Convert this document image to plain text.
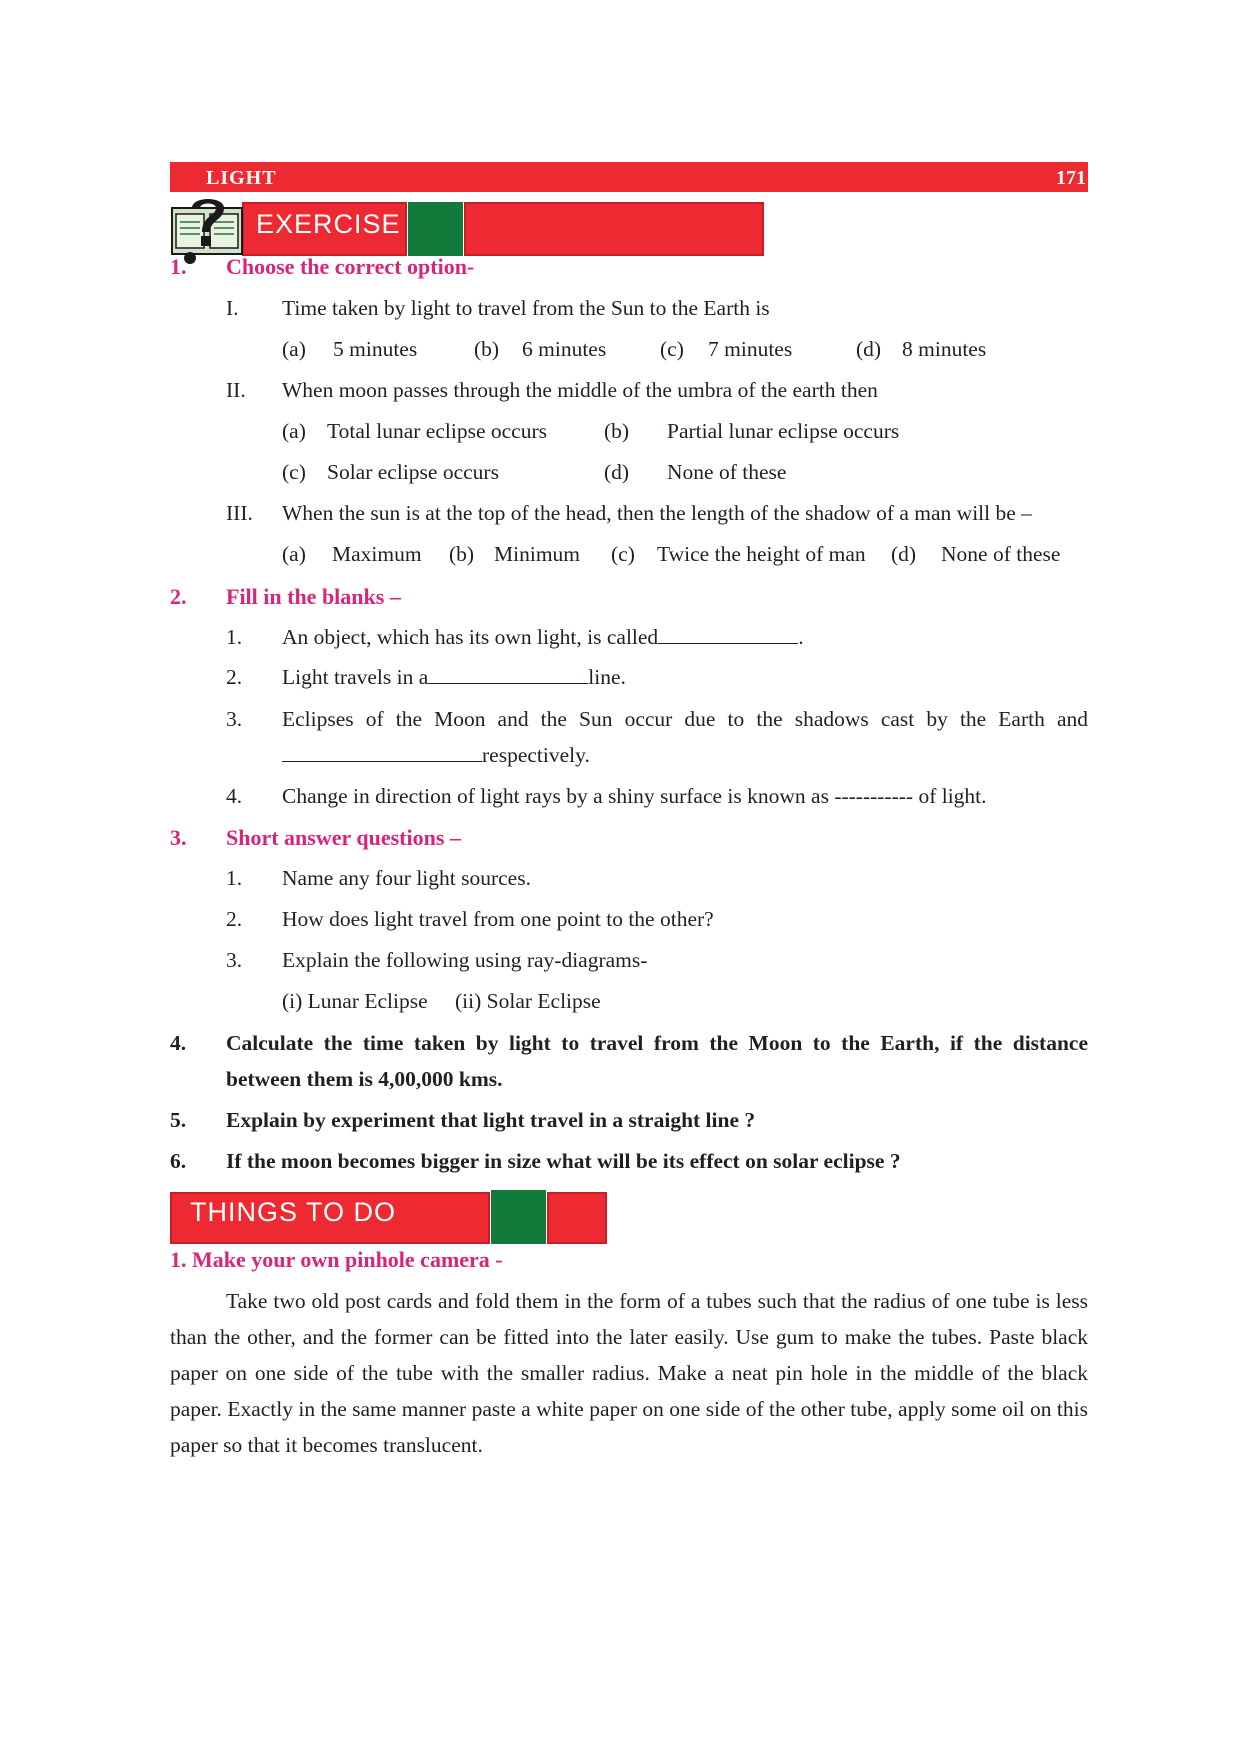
LIGHT	171
EXERCISE
1. Choose the correct option-
I. Time taken by light to travel from the Sun to the Earth is
(a) 5 minutes	(b) 6 minutes	(c) 7 minutes	(d) 8 minutes
II. When moon passes through the middle of the umbra of the earth then
(a) Total lunar eclipse occurs	(b) Partial lunar eclipse occurs
(c) Solar eclipse occurs	(d) None of these
III. When the sun is at the top of the head, then the length of the shadow of a man will be –
(a) Maximum (b) Minimum (c) Twice the height of man (d) None of these
2. Fill in the blanks –
1. An object, which has its own light, is called	.
2. Light travels in a	line.
3. Eclipses of the Moon and the Sun occur due to the shadows cast by the Earth and
respectively.
4. Change in direction of light rays by a shiny surface is known as ----------- of light.
3. Short answer questions –
1. Name any four light sources.
2. How does light travel from one point to the other?
3. Explain the following using ray-diagrams-
(i) Lunar Eclipse (ii) Solar Eclipse
4. Calculate the time taken by light to travel from the Moon to the Earth, if the distance
between them is 4,00,000 kms.
5. Explain by experiment that light travel in a straight line ?
6. If the moon becomes bigger in size what will be its effect on solar eclipse ?
THINGS TO DO
1. Make your own pinhole camera -
Take two old post cards and fold them in the form of a tubes such that the radius of one tube is less than the other, and the former can be fitted into the later easily. Use gum to make the tubes. Paste black paper on one side of the tube with the smaller radius. Make a neat pin hole in the middle of the black paper. Exactly in the same manner paste a white paper on one side of the other tube, apply some oil on this paper so that it becomes translucent.
